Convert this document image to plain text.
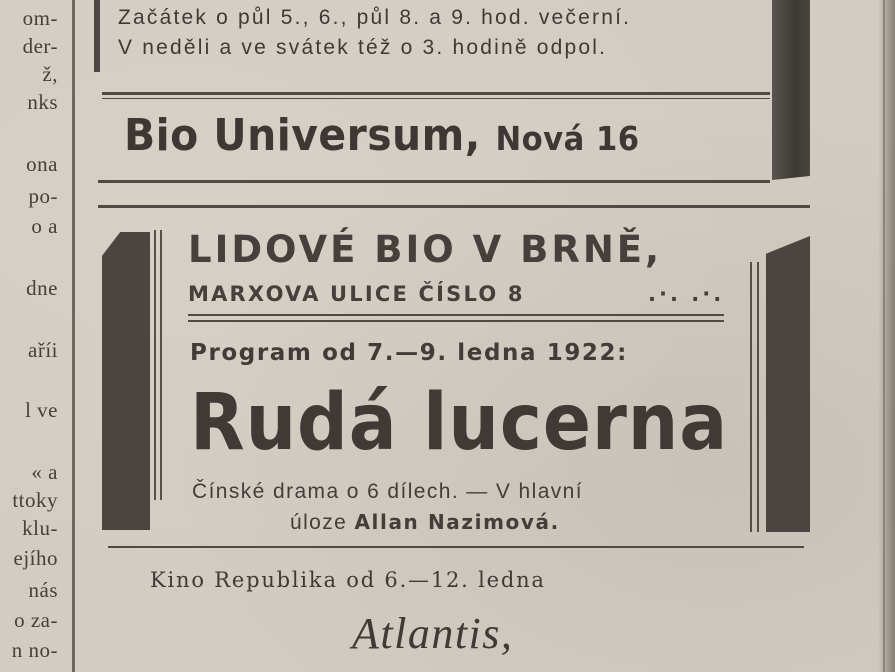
om-
der-
ž,
nks
ona
po-
o a
dne
aříi
l ve
« a
ttoky
klu-
ejího
nás
o za-
n no-
Začátek o půl 5., 6., půl 8. a 9. hod. večerní.
V neděli a ve svátek též o 3. hodině odpol.
Bio Universum, Nová 16
LIDOVÉ BIO V BRNĚ,
MARXOVA ULICE ČÍSLO 8	.·. .·.
Program od 7.—9. ledna 1922:
Rudá lucerna
Čínské drama o 6 dílech. — V hlavní
úloze Allan Nazimová.
Kino Republika od 6.—12. ledna
Atlantis,
